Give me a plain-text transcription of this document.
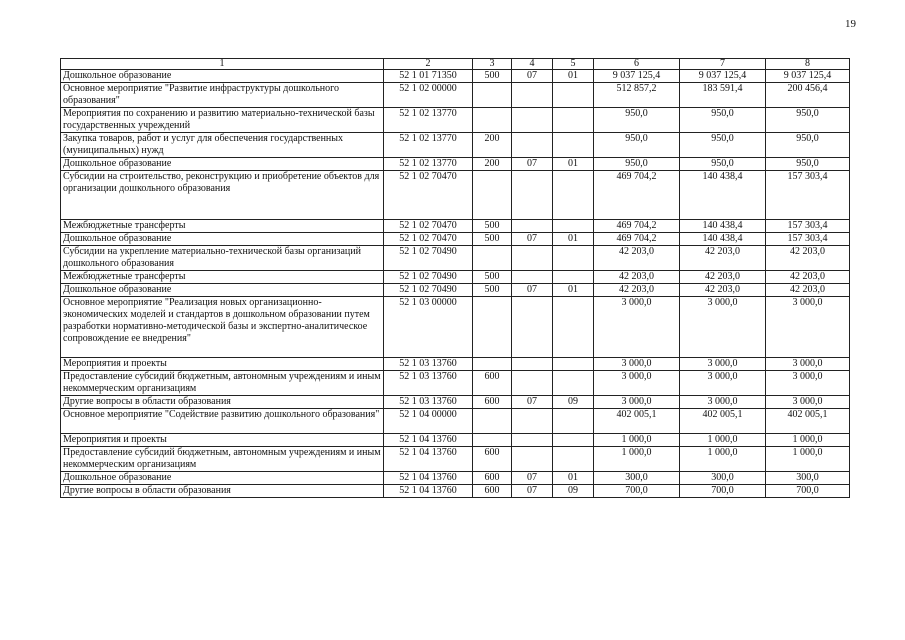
19
1	2	3	4	5	6	7	8
Дошкольное образование	52 1 01 71350	500	07	01	9 037 125,4	9 037 125,4	9 037 125,4
Основное мероприятие "Развитие инфраструктуры дошкольного образования"	52 1 02 00000				512 857,2	183 591,4	200 456,4
Мероприятия по сохранению и развитию материально-технической базы государственных учреждений	52 1 02 13770				950,0	950,0	950,0
Закупка товаров, работ и услуг для обеспечения государственных (муниципальных) нужд	52 1 02 13770	200			950,0	950,0	950,0
Дошкольное образование	52 1 02 13770	200	07	01	950,0	950,0	950,0
Субсидии на строительство, реконструкцию и приобретение объектов для организации дошкольного образования	52 1 02 70470				469 704,2	140 438,4	157 303,4
Межбюджетные трансферты	52 1 02 70470	500			469 704,2	140 438,4	157 303,4
Дошкольное образование	52 1 02 70470	500	07	01	469 704,2	140 438,4	157 303,4
Субсидии на укрепление материально-технической базы организаций дошкольного образования	52 1 02 70490				42 203,0	42 203,0	42 203,0
Межбюджетные трансферты	52 1 02 70490	500			42 203,0	42 203,0	42 203,0
Дошкольное образование	52 1 02 70490	500	07	01	42 203,0	42 203,0	42 203,0
Основное мероприятие "Реализация новых организационно-экономических моделей и стандартов в дошкольном образовании путем разработки нормативно-методической базы и экспертно-аналитическое сопровождение ее внедрения"	52 1 03 00000				3 000,0	3 000,0	3 000,0
Мероприятия и проекты	52 1 03 13760				3 000,0	3 000,0	3 000,0
Предоставление субсидий бюджетным, автономным учреждениям и иным некоммерческим организациям	52 1 03 13760	600			3 000,0	3 000,0	3 000,0
Другие вопросы в области образования	52 1 03 13760	600	07	09	3 000,0	3 000,0	3 000,0
Основное мероприятие "Содействие развитию дошкольного образования"	52 1 04 00000				402 005,1	402 005,1	402 005,1
Мероприятия и проекты	52 1 04 13760				1 000,0	1 000,0	1 000,0
Предоставление субсидий бюджетным, автономным учреждениям и иным некоммерческим организациям	52 1 04 13760	600			1 000,0	1 000,0	1 000,0
Дошкольное образование	52 1 04 13760	600	07	01	300,0	300,0	300,0
Другие вопросы в области образования	52 1 04 13760	600	07	09	700,0	700,0	700,0
